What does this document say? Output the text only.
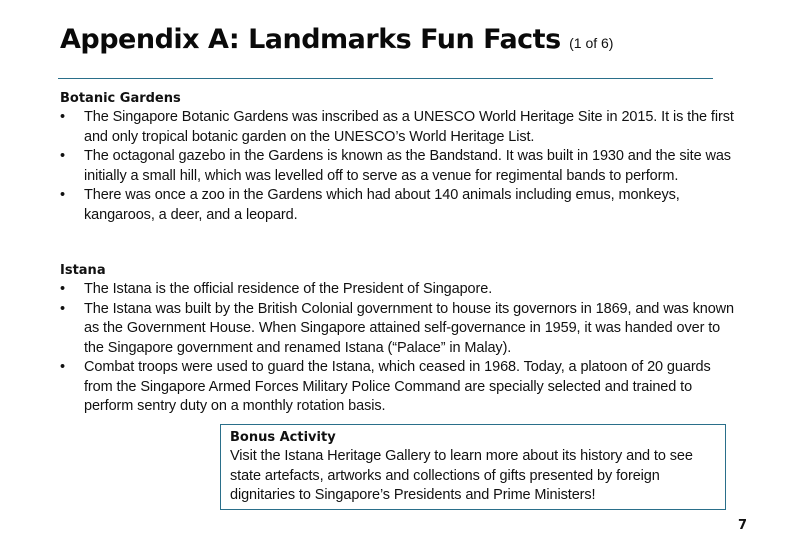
Appendix A: Landmarks Fun Facts (1 of 6)
Botanic Gardens
• The Singapore Botanic Gardens was inscribed as a UNESCO World Heritage Site in 2015. It is the first and only tropical botanic garden on the UNESCO’s World Heritage List.
• The octagonal gazebo in the Gardens is known as the Bandstand. It was built in 1930 and the site was initially a small hill, which was levelled off to serve as a venue for regimental bands to perform.
• There was once a zoo in the Gardens which had about 140 animals including emus, monkeys, kangaroos, a deer, and a leopard.
Istana
• The Istana is the official residence of the President of Singapore.
• The Istana was built by the British Colonial government to house its governors in 1869, and was known as the Government House. When Singapore attained self-governance in 1959, it was handed over to the Singapore government and renamed Istana (“Palace” in Malay).
• Combat troops were used to guard the Istana, which ceased in 1968. Today, a platoon of 20 guards from the Singapore Armed Forces Military Police Command are specially selected and trained to perform sentry duty on a monthly rotation basis.
Bonus Activity
Visit the Istana Heritage Gallery to learn more about its history and to see state artefacts, artworks and collections of gifts presented by foreign dignitaries to Singapore’s Presidents and Prime Ministers!
7
